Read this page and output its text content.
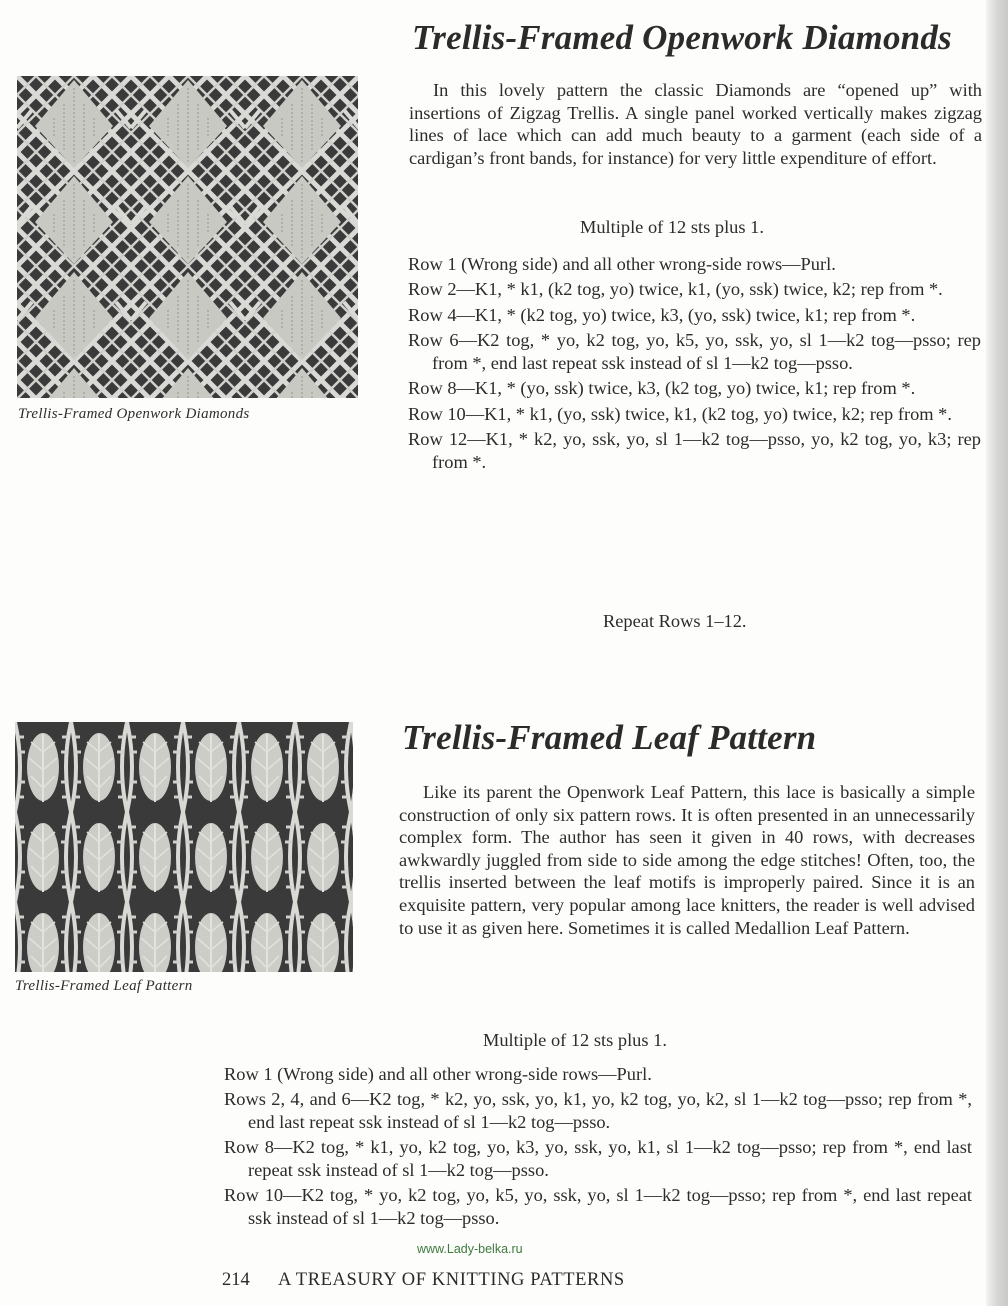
Trellis-Framed Openwork Diamonds
Trellis-Framed Openwork Diamonds
In this lovely pattern the classic Diamonds are “opened up” with insertions of Zigzag Trellis. A single panel worked vertically makes zigzag lines of lace which can add much beauty to a garment (each side of a cardigan’s front bands, for instance) for very little expenditure of effort.
Multiple of 12 sts plus 1.
Row 1 (Wrong side) and all other wrong-side rows—Purl.
Row 2—K1, * k1, (k2 tog, yo) twice, k1, (yo, ssk) twice, k2; rep from *.
Row 4—K1, * (k2 tog, yo) twice, k3, (yo, ssk) twice, k1; rep from *.
Row 6—K2 tog, * yo, k2 tog, yo, k5, yo, ssk, yo, sl 1—k2 tog—psso; rep from *, end last repeat ssk instead of sl 1—k2 tog—psso.
Row 8—K1, * (yo, ssk) twice, k3, (k2 tog, yo) twice, k1; rep from *.
Row 10—K1, * k1, (yo, ssk) twice, k1, (k2 tog, yo) twice, k2; rep from *.
Row 12—K1, * k2, yo, ssk, yo, sl 1—k2 tog—psso, yo, k2 tog, yo, k3; rep from *.
Repeat Rows 1–12.
Trellis-Framed Leaf Pattern
Trellis-Framed Leaf Pattern
Like its parent the Openwork Leaf Pattern, this lace is basically a simple construction of only six pattern rows. It is often presented in an unnecessarily complex form. The author has seen it given in 40 rows, with decreases awkwardly juggled from side to side among the edge stitches! Often, too, the trellis inserted between the leaf motifs is improperly paired. Since it is an exquisite pattern, very popular among lace knitters, the reader is well advised to use it as given here. Sometimes it is called Medallion Leaf Pattern.
Multiple of 12 sts plus 1.
Row 1 (Wrong side) and all other wrong-side rows—Purl.
Rows 2, 4, and 6—K2 tog, * k2, yo, ssk, yo, k1, yo, k2 tog, yo, k2, sl 1—k2 tog—psso; rep from *, end last repeat ssk instead of sl 1—k2 tog—psso.
Row 8—K2 tog, * k1, yo, k2 tog, yo, k3, yo, ssk, yo, k1, sl 1—k2 tog—psso; rep from *, end last repeat ssk instead of sl 1—k2 tog—psso.
Row 10—K2 tog, * yo, k2 tog, yo, k5, yo, ssk, yo, sl 1—k2 tog—psso; rep from *, end last repeat ssk instead of sl 1—k2 tog—psso.
www.Lady-belka.ru
214 A TREASURY OF KNITTING PATTERNS
